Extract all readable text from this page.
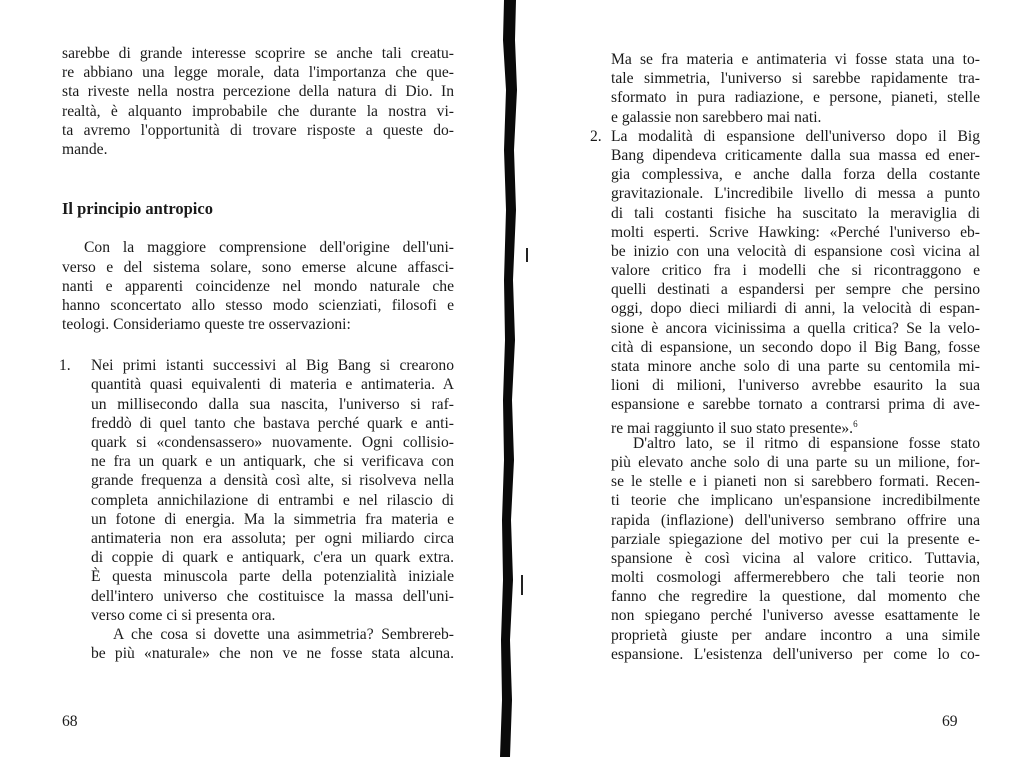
sarebbe di grande interesse scoprire se anche tali creatu-
re abbiano una legge morale, data l'importanza che que-
sta riveste nella nostra percezione della natura di Dio. In
realtà, è alquanto improbabile che durante la nostra vi-
ta avremo l'opportunità di trovare risposte a queste do-
mande.
Il principio antropico
Con la maggiore comprensione dell'origine dell'uni-
verso e del sistema solare, sono emerse alcune affasci-
nanti e apparenti coincidenze nel mondo naturale che
hanno sconcertato allo stesso modo scienziati, filosofi e
teologi. Consideriamo queste tre osservazioni:
1. Nei primi istanti successivi al Big Bang si crearono
quantità quasi equivalenti di materia e antimateria. A
un millisecondo dalla sua nascita, l'universo si raf-
freddò di quel tanto che bastava perché quark e anti-
quark si «condensassero» nuovamente. Ogni collisio-
ne fra un quark e un antiquark, che si verificava con
grande frequenza a densità così alte, si risolveva nella
completa annichilazione di entrambi e nel rilascio di
un fotone di energia. Ma la simmetria fra materia e
antimateria non era assoluta; per ogni miliardo circa
di coppie di quark e antiquark, c'era un quark extra.
È questa minuscola parte della potenzialità iniziale
dell'intero universo che costituisce la massa dell'uni-
verso come ci si presenta ora.
A che cosa si dovette una asimmetria? Sembrereb-
be più «naturale» che non ve ne fosse stata alcuna.
68
Ma se fra materia e antimateria vi fosse stata una to-
tale simmetria, l'universo si sarebbe rapidamente tra-
sformato in pura radiazione, e persone, pianeti, stelle
e galassie non sarebbero mai nati.
2. La modalità di espansione dell'universo dopo il Big
Bang dipendeva criticamente dalla sua massa ed ener-
gia complessiva, e anche dalla forza della costante
gravitazionale. L'incredibile livello di messa a punto
di tali costanti fisiche ha suscitato la meraviglia di
molti esperti. Scrive Hawking: «Perché l'universo eb-
be inizio con una velocità di espansione così vicina al
valore critico fra i modelli che si ricontraggono e
quelli destinati a espandersi per sempre che persino
oggi, dopo dieci miliardi di anni, la velocità di espan-
sione è ancora vicinissima a quella critica? Se la velo-
cità di espansione, un secondo dopo il Big Bang, fosse
stata minore anche solo di una parte su centomila mi-
lioni di milioni, l'universo avrebbe esaurito la sua
espansione e sarebbe tornato a contrarsi prima di ave-
re mai raggiunto il suo stato presente».$^6$
D'altro lato, se il ritmo di espansione fosse stato
più elevato anche solo di una parte su un milione, for-
se le stelle e i pianeti non si sarebbero formati. Recen-
ti teorie che implicano un'espansione incredibilmente
rapida (inflazione) dell'universo sembrano offrire una
parziale spiegazione del motivo per cui la presente e-
spansione è così vicina al valore critico. Tuttavia,
molti cosmologi affermerebbero che tali teorie non
fanno che regredire la questione, dal momento che
non spiegano perché l'universo avesse esattamente le
proprietà giuste per andare incontro a una simile
espansione. L'esistenza dell'universo per come lo co-
69
